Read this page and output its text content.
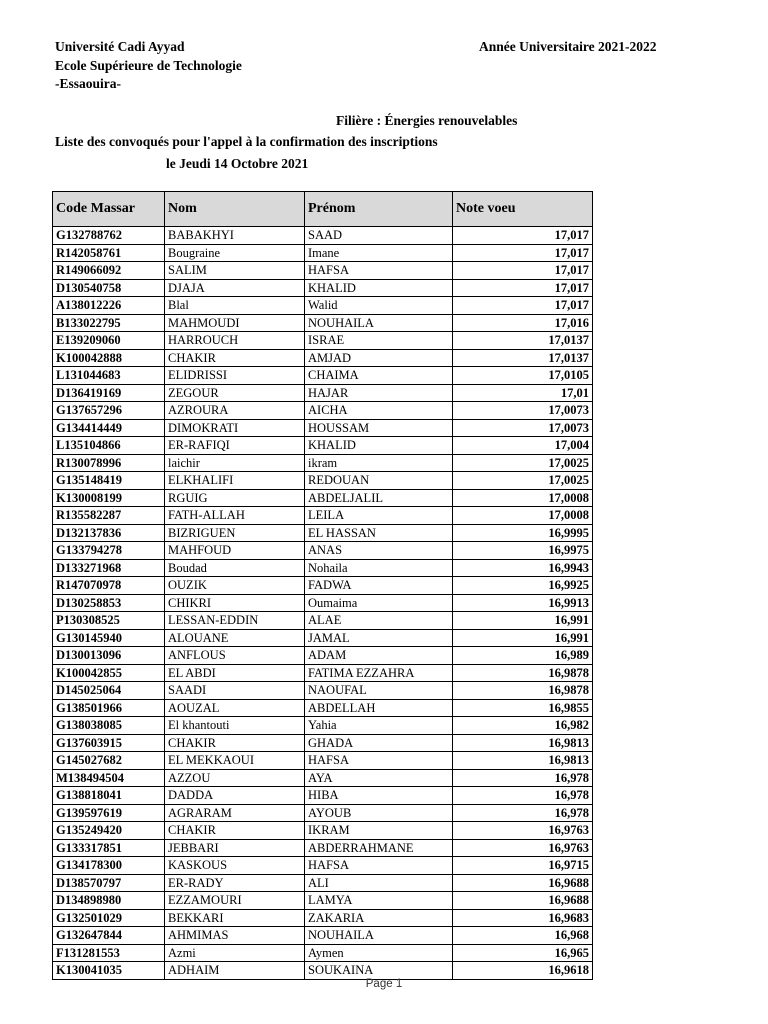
Université Cadi Ayyad
Ecole Supérieure de Technologie
-Essaouira-
Année Universitaire 2021-2022
Filière : Énergies renouvelables
Liste des convoqués pour l'appel à la confirmation des inscriptions
le Jeudi 14 Octobre 2021
Code Massar	Nom	Prénom	Note voeu
G132788762	BABAKHYI	SAAD	17,017
R142058761	Bougraine	Imane	17,017
R149066092	SALIM	HAFSA	17,017
D130540758	DJAJA	KHALID	17,017
A138012226	Blal	Walid	17,017
B133022795	MAHMOUDI	NOUHAILA	17,016
E139209060	HARROUCH	ISRAE	17,0137
K100042888	CHAKIR	AMJAD	17,0137
L131044683	ELIDRISSI	CHAIMA	17,0105
D136419169	ZEGOUR	HAJAR	17,01
G137657296	AZROURA	AICHA	17,0073
G134414449	DIMOKRATI	HOUSSAM	17,0073
L135104866	ER-RAFIQI	KHALID	17,004
R130078996	laichir	ikram	17,0025
G135148419	ELKHALIFI	REDOUAN	17,0025
K130008199	RGUIG	ABDELJALIL	17,0008
R135582287	FATH-ALLAH	LEILA	17,0008
D132137836	BIZRIGUEN	EL HASSAN	16,9995
G133794278	MAHFOUD	ANAS	16,9975
D133271968	Boudad	Nohaila	16,9943
R147070978	OUZIK	FADWA	16,9925
D130258853	CHIKRI	Oumaima	16,9913
P130308525	LESSAN-EDDIN	ALAE	16,991
G130145940	ALOUANE	JAMAL	16,991
D130013096	ANFLOUS	ADAM	16,989
K100042855	EL ABDI	FATIMA EZZAHRA	16,9878
D145025064	SAADI	NAOUFAL	16,9878
G138501966	AOUZAL	ABDELLAH	16,9855
G138038085	El khantouti	Yahia	16,982
G137603915	CHAKIR	GHADA	16,9813
G145027682	EL MEKKAOUI	HAFSA	16,9813
M138494504	AZZOU	AYA	16,978
G138818041	DADDA	HIBA	16,978
G139597619	AGRARAM	AYOUB	16,978
G135249420	CHAKIR	IKRAM	16,9763
G133317851	JEBBARI	ABDERRAHMANE	16,9763
G134178300	KASKOUS	HAFSA	16,9715
D138570797	ER-RADY	ALI	16,9688
D134898980	EZZAMOURI	LAMYA	16,9688
G132501029	BEKKARI	ZAKARIA	16,9683
G132647844	AHMIMAS	NOUHAILA	16,968
F131281553	Azmi	Aymen	16,965
K130041035	ADHAIM	SOUKAINA	16,9618
Page 1
